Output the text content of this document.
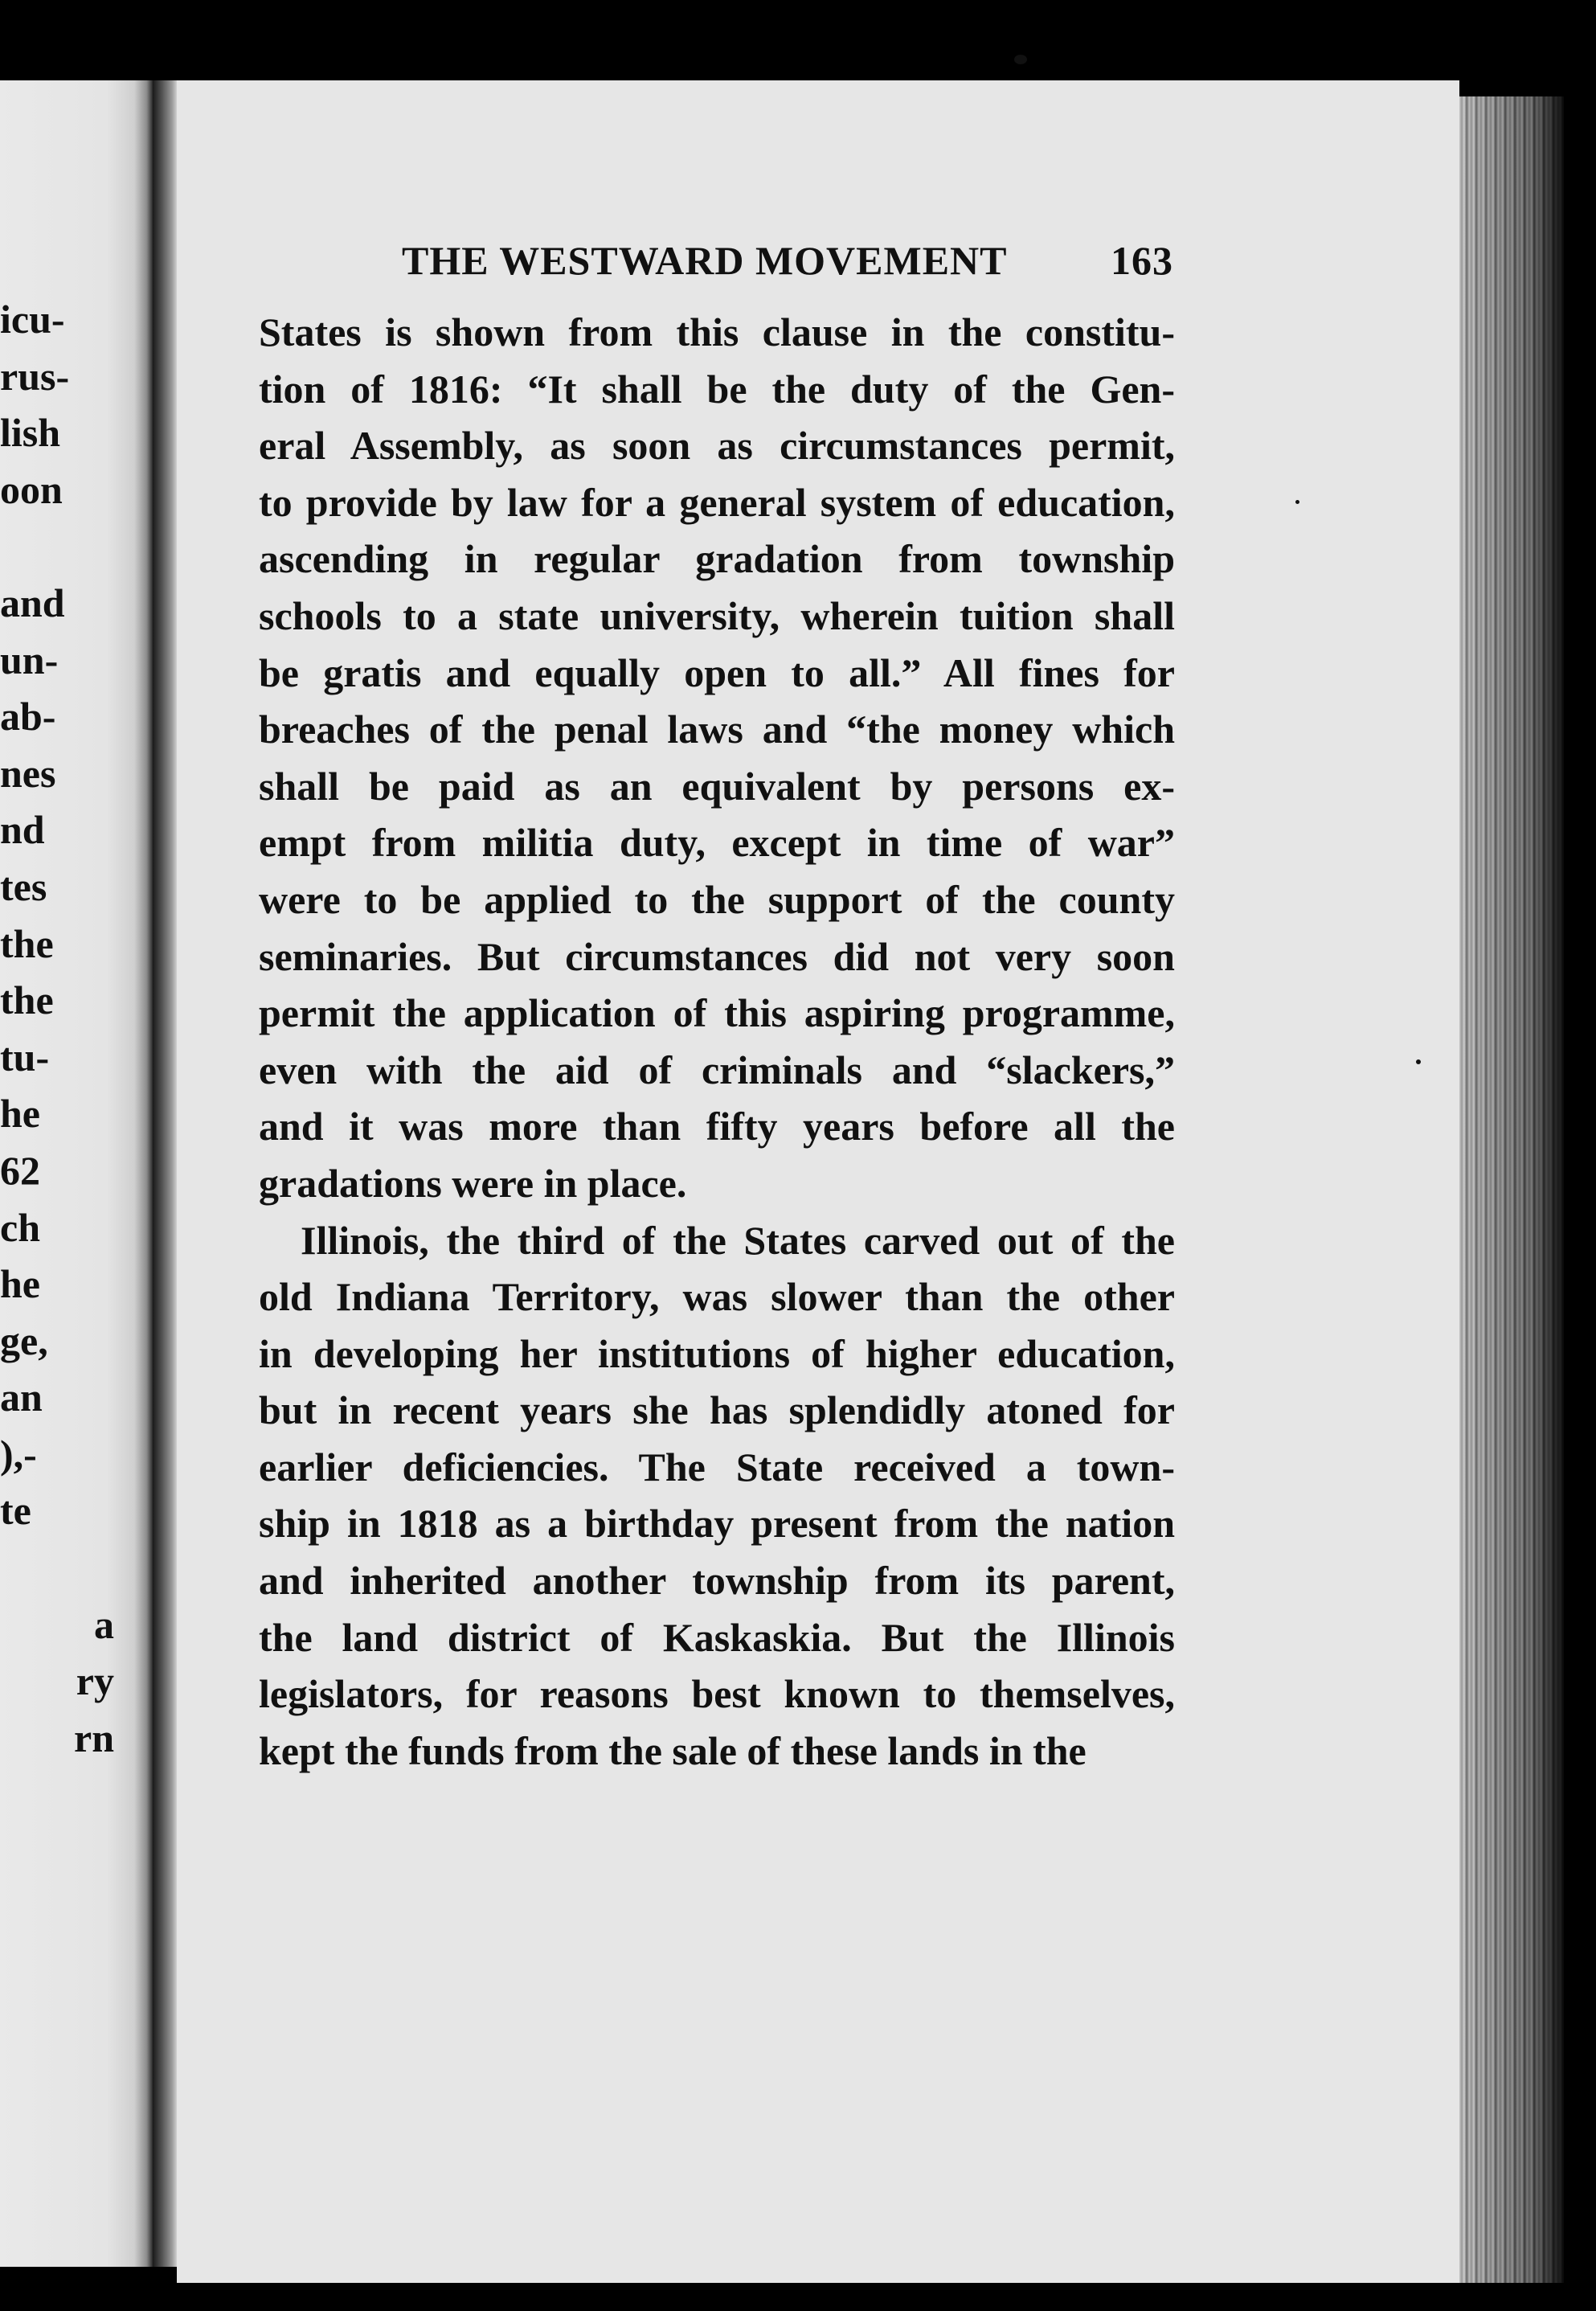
icu-
rus-
lish
oon
and
un-
ab-
nes
nd
tes
the
the
tu-
he
62
ch
he
ge,
an
),-
te
a
ry
rn
THE WESTWARD MOVEMENT	163
States is shown from this clause in the constitu-
tion of 1816: “It shall be the duty of the Gen-
eral Assembly, as soon as circumstances permit,
to provide by law for a general system of education,
ascending in regular gradation from township
schools to a state university, wherein tuition shall
be gratis and equally open to all.” All fines for
breaches of the penal laws and “the money which
shall be paid as an equivalent by persons ex-
empt from militia duty, except in time of war”
were to be applied to the support of the county
seminaries. But circumstances did not very soon
permit the application of this aspiring programme,
even with the aid of criminals and “slackers,”
and it was more than fifty years before all the
gradations were in place.
Illinois, the third of the States carved out of the
old Indiana Territory, was slower than the other
in developing her institutions of higher education,
but in recent years she has splendidly atoned for
earlier deficiencies. The State received a town-
ship in 1818 as a birthday present from the nation
and inherited another township from its parent,
the land district of Kaskaskia. But the Illinois
legislators, for reasons best known to themselves,
kept the funds from the sale of these lands in the
